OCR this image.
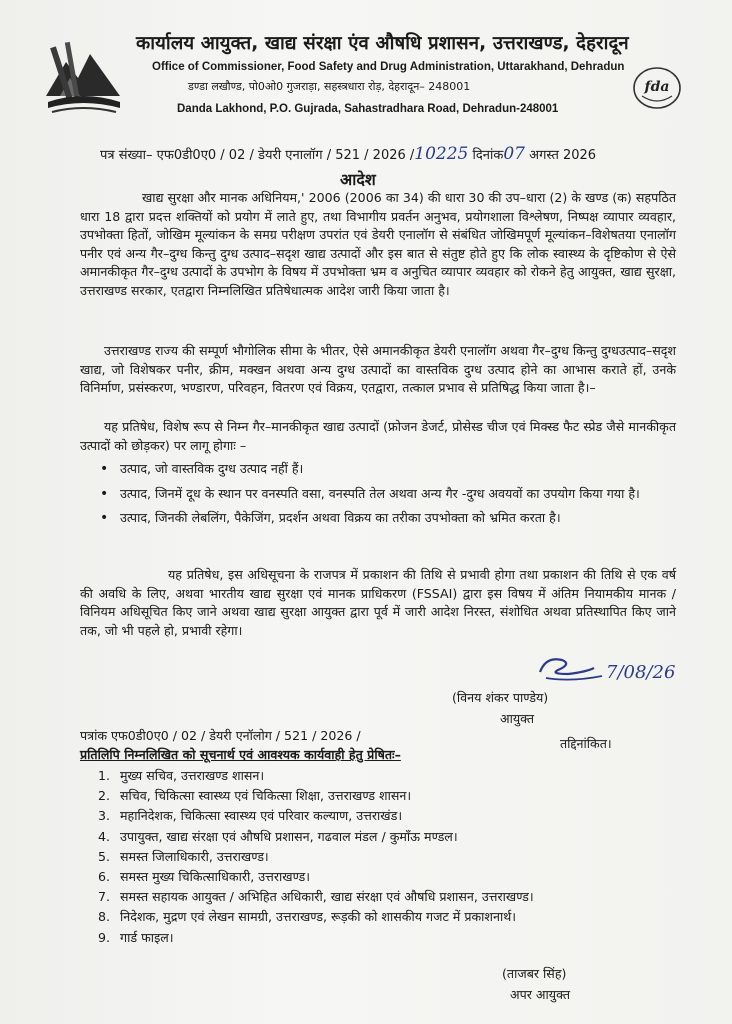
कार्यालय आयुक्त, खाद्य संरक्षा एंव औषधि प्रशासन, उत्तराखण्ड, देहरादून
Office of Commissioner, Food Safety and Drug Administration, Uttarakhand, Dehradun
डण्डा लखौण्ड, पो0ओ0 गुजराड़ा, सहस्त्रधारा रोड़, देहरादून– 248001
Danda Lakhond, P.O. Gujrada, Sahastradhara Road, Dehradun-248001
fda
पत्र संख्या– एफ0डी0ए0 / 02 / डेयरी एनालॉग / 521 / 2026 /10225 दिनांक07 अगस्त 2026
आदेश
खाद्य सुरक्षा और मानक अधिनियम,' 2006 (2006 का 34) की धारा 30 की उप–धारा (2) के खण्ड (क) सहपठित धारा 18 द्वारा प्रदत्त शक्तियों को प्रयोग में लाते हुए, तथा विभागीय प्रवर्तन अनुभव, प्रयोगशाला विश्लेषण, निष्पक्ष व्यापार व्यवहार, उपभोक्ता हितों, जोखिम मूल्यांकन के समग्र परीक्षण उपरांत एवं डेयरी एनालॉग से संबंधित जोखिमपूर्ण मूल्यांकन–विशेषतया एनालॉग पनीर एवं अन्य गैर–दुग्ध किन्तु दुग्ध उत्पाद–सदृश खाद्य उत्पादों और इस बात से संतुष्ट होते हुए कि लोक स्वास्थ्य के दृष्टिकोण से ऐसे अमानकीकृत गैर–दुग्ध उत्पादों के उपभोग के विषय में उपभोक्ता भ्रम व अनुचित व्यापार व्यवहार को रोकने हेतु आयुक्त, खाद्य सुरक्षा, उत्तराखण्ड सरकार, एतद्वारा निम्नलिखित प्रतिषेधात्मक आदेश जारी किया जाता है।
उत्तराखण्ड राज्य की सम्पूर्ण भौगोलिक सीमा के भीतर, ऐसे अमानकीकृत डेयरी एनालॉग अथवा गैर–दुग्ध किन्तु दुग्धउत्पाद–सदृश खाद्य, जो विशेषकर पनीर, क्रीम, मक्खन अथवा अन्य दुग्ध उत्पादों का वास्तविक दुग्ध उत्पाद होने का आभास कराते हों, उनके विनिर्माण, प्रसंस्करण, भण्डारण, परिवहन, वितरण एवं विक्रय, एतद्वारा, तत्काल प्रभाव से प्रतिषिद्ध किया जाता है।–
यह प्रतिषेध, विशेष रूप से निम्न गैर–मानकीकृत खाद्य उत्पादों (फ्रोजन डेजर्ट, प्रोसेस्ड चीज एवं मिक्स्ड फैट स्प्रेड जैसे मानकीकृत उत्पादों को छोड़कर) पर लागू होगाः –
• उत्पाद, जो वास्तविक दुग्ध उत्पाद नहीं हैं।
• उत्पाद, जिनमें दूध के स्थान पर वनस्पति वसा, वनस्पति तेल अथवा अन्य गैर -दुग्ध अवयवों का उपयोग किया गया है।
• उत्पाद, जिनकी लेबलिंग, पैकेजिंग, प्रदर्शन अथवा विक्रय का तरीका उपभोक्ता को भ्रमित करता है।
यह प्रतिषेध, इस अधिसूचना के राजपत्र में प्रकाशन की तिथि से प्रभावी होगा तथा प्रकाशन की तिथि से एक वर्ष की अवधि के लिए, अथवा भारतीय खाद्य सुरक्षा एवं मानक प्राधिकरण (FSSAI) द्वारा इस विषय में अंतिम नियामकीय मानक / विनियम अधिसूचित किए जाने अथवा खाद्य सुरक्षा आयुक्त द्वारा पूर्व में जारी आदेश निरस्त, संशोधित अथवा प्रतिस्थापित किए जाने तक, जो भी पहले हो, प्रभावी रहेगा।
7/08/26
(विनय शंकर पाण्डेय)
आयुक्त
पत्रांक एफ0डी0ए0 / 02 / डेयरी एनॉलोग / 521 / 2026 /
तद्दिनांकित।
प्रतिलिपि निम्नलिखित को सूचनार्थ एवं आवश्यक कार्यवाही हेतु प्रेषितः–
1. मुख्य सचिव, उत्तराखण्ड शासन।
2. सचिव, चिकित्सा स्वास्थ्य एवं चिकित्सा शिक्षा, उत्तराखण्ड शासन।
3. महानिदेशक, चिकित्सा स्वास्थ्य एवं परिवार कल्याण, उत्तराखंड।
4. उपायुक्त, खाद्य संरक्षा एवं औषधि प्रशासन, गढवाल मंडल / कुमाँऊ मण्डल।
5. समस्त जिलाधिकारी, उत्तराखण्ड।
6. समस्त मुख्य चिकित्साधिकारी, उत्तराखण्ड।
7. समस्त सहायक आयुक्त / अभिहित अधिकारी, खाद्य संरक्षा एवं औषधि प्रशासन, उत्तराखण्ड।
8. निदेशक, मुद्रण एवं लेखन सामग्री, उत्तराखण्ड, रूड़की को शासकीय गजट में प्रकाशनार्थ।
9. गार्ड फाइल।
(ताजबर सिंह)
अपर आयुक्त
